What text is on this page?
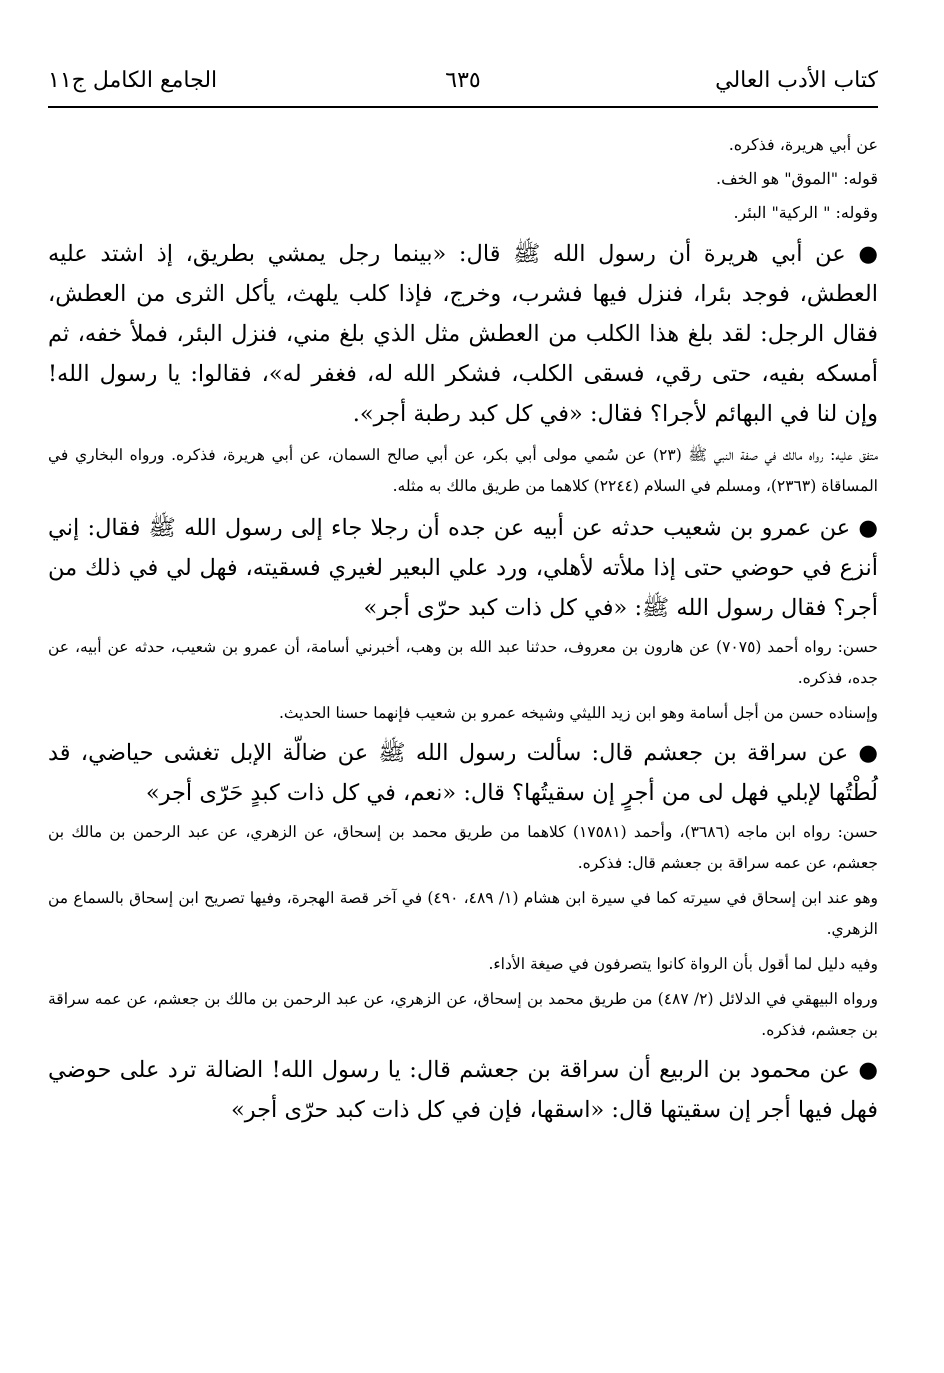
كتاب الأدب العالي
٦٣٥
الجامع الكامل ج١١

عن أبي هريرة، فذكره.

قوله: "الموق" هو الخف.

وقوله: " الركية" البئر.

● عن أبي هريرة أن رسول الله ﷺ قال: «بينما رجل يمشي بطريق، إذ اشتد عليه العطش، فوجد بئرا، فنزل فيها فشرب، وخرج، فإذا كلب يلهث، يأكل الثرى من العطش، فقال الرجل: لقد بلغ هذا الكلب من العطش مثل الذي بلغ مني، فنزل البئر، فملأ خفه، ثم أمسكه بفيه، حتى رقي، فسقى الكلب، فشكر الله له، فغفر له»، فقالوا: يا رسول الله! وإن لنا في البهائم لأجرا؟ فقال: «في كل كبد رطبة أجر».

متفق عليه: رواه مالك في صفة النبي ﷺ (٢٣) عن سُمي مولى أبي بكر، عن أبي صالح السمان، عن أبي هريرة، فذكره. ورواه البخاري في المساقاة (٢٣٦٣)، ومسلم في السلام (٢٢٤٤) كلاهما من طريق مالك به مثله.

● عن عمرو بن شعيب حدثه عن أبيه عن جده أن رجلا جاء إلى رسول الله ﷺ فقال: إني أنزع في حوضي حتى إذا ملأته لأهلي، ورد علي البعير لغيري فسقيته، فهل لي في ذلك من أجر؟ فقال رسول الله ﷺ: «في كل ذات كبد حرّى أجر»

حسن: رواه أحمد (٧٠٧٥) عن هارون بن معروف، حدثنا عبد الله بن وهب، أخبرني أسامة، أن عمرو بن شعيب، حدثه عن أبيه، عن جده، فذكره.

وإسناده حسن من أجل أسامة وهو ابن زيد الليثي وشيخه عمرو بن شعيب فإنهما حسنا الحديث.

● عن سراقة بن جعشم قال: سألت رسول الله ﷺ عن ضالّة الإبل تغشى حياضي، قد لُطْتُها لإبلي فهل لى من أجرٍ إن سقيتُها؟ قال: «نعم، في كل ذات كبدٍ حَرّى أجر»

حسن: رواه ابن ماجه (٣٦٨٦)، وأحمد (١٧٥٨١) كلاهما من طريق محمد بن إسحاق، عن الزهري، عن عبد الرحمن بن مالك بن جعشم، عن عمه سراقة بن جعشم قال: فذكره.

وهو عند ابن إسحاق في سيرته كما في سيرة ابن هشام (١/ ٤٨٩، ٤٩٠) في آخر قصة الهجرة، وفيها تصريح ابن إسحاق بالسماع من الزهري.

وفيه دليل لما أقول بأن الرواة كانوا يتصرفون في صيغة الأداء.

ورواه البيهقي في الدلائل (٢/ ٤٨٧) من طريق محمد بن إسحاق، عن الزهري، عن عبد الرحمن بن مالك بن جعشم، عن عمه سراقة بن جعشم، فذكره.

● عن محمود بن الربيع أن سراقة بن جعشم قال: يا رسول الله! الضالة ترد على حوضي فهل فيها أجر إن سقيتها قال: «اسقها، فإن في كل ذات كبد حرّى أجر»
